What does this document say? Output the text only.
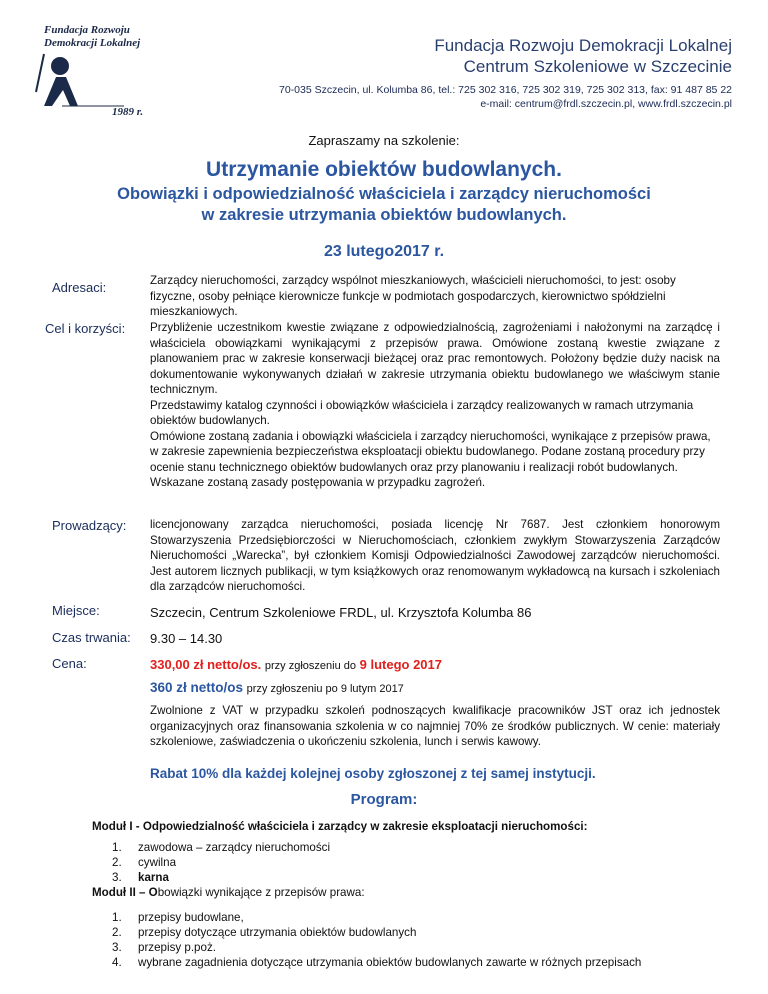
Fundacja Rozwoju
Demokracji Lokalnej
1989 r.
Fundacja Rozwoju Demokracji Lokalnej
Centrum Szkoleniowe w Szczecinie
70-035 Szczecin, ul. Kolumba 86, tel.: 725 302 316, 725 302 319, 725 302 313, fax: 91 487 85 22
e-mail: centrum@frdl.szczecin.pl, www.frdl.szczecin.pl
Zapraszamy na szkolenie:
Utrzymanie obiektów budowlanych.
Obowiązki i odpowiedzialność właściciela i zarządcy nieruchomości
w zakresie utrzymania obiektów budowlanych.
23 lutego2017 r.
Adresaci:	Zarządcy nieruchomości, zarządcy wspólnot mieszkaniowych, właścicieli nieruchomości, to jest: osoby fizyczne, osoby pełniące kierownicze funkcje w podmiotach gospodarczych, kierownictwo spółdzielni mieszkaniowych.
Cel i korzyści: Przybliżenie uczestnikom kwestie związane z odpowiedzialnością, zagrożeniami i nałożonymi na zarządcę i właściciela obowiązkami wynikającymi z przepisów prawa. Omówione zostaną kwestie związane z planowaniem prac w zakresie konserwacji bieżącej oraz prac remontowych. Położony będzie duży nacisk na dokumentowanie wykonywanych działań w zakresie utrzymania obiektu budowlanego we właściwym stanie technicznym.
Przedstawimy katalog czynności i obowiązków właściciela i zarządcy realizowanych w ramach utrzymania obiektów budowlanych.
Omówione zostaną zadania i obowiązki właściciela i zarządcy nieruchomości, wynikające z przepisów prawa, w zakresie zapewnienia bezpieczeństwa eksploatacji obiektu budowlanego. Podane zostaną procedury przy ocenie stanu technicznego obiektów budowlanych oraz przy planowaniu i realizacji robót budowlanych. Wskazane zostaną zasady postępowania w przypadku zagrożeń.
Prowadzący: licencjonowany zarządca nieruchomości, posiada licencję Nr 7687. Jest członkiem honorowym Stowarzyszenia Przedsiębiorczości w Nieruchomościach, członkiem zwykłym Stowarzyszenia Zarządców Nieruchomości „Warecka”, był członkiem Komisji Odpowiedzialności Zawodowej zarządców nieruchomości. Jest autorem licznych publikacji, w tym książkowych oraz renomowanym wykładowcą na kursach i szkoleniach dla zarządców nieruchomości.
Miejsce:	Szczecin, Centrum Szkoleniowe FRDL, ul. Krzysztofa Kolumba 86
Czas trwania: 9.30 – 14.30
Cena:	330,00 zł netto/os. przy zgłoszeniu do 9 lutego 2017
360 zł netto/os przy zgłoszeniu po 9 lutym 2017
Zwolnione z VAT w przypadku szkoleń podnoszących kwalifikacje pracowników JST oraz ich jednostek organizacyjnych oraz finansowania szkolenia w co najmniej 70% ze środków publicznych. W cenie: materiały szkoleniowe, zaświadczenia o ukończeniu szkolenia, lunch i serwis kawowy.
Rabat 10% dla każdej kolejnej osoby zgłoszonej z tej samej instytucji.
Program:
Moduł I - Odpowiedzialność właściciela i zarządcy w zakresie eksploatacji nieruchomości:
1. zawodowa – zarządcy nieruchomości
2. cywilna
3. karna
Moduł II – Obowiązki wynikające z przepisów prawa:
1. przepisy budowlane,
2. przepisy dotyczące utrzymania obiektów budowlanych
3. przepisy p.poż.
4. wybrane zagadnienia dotyczące utrzymania obiektów budowlanych zawarte w różnych przepisach
